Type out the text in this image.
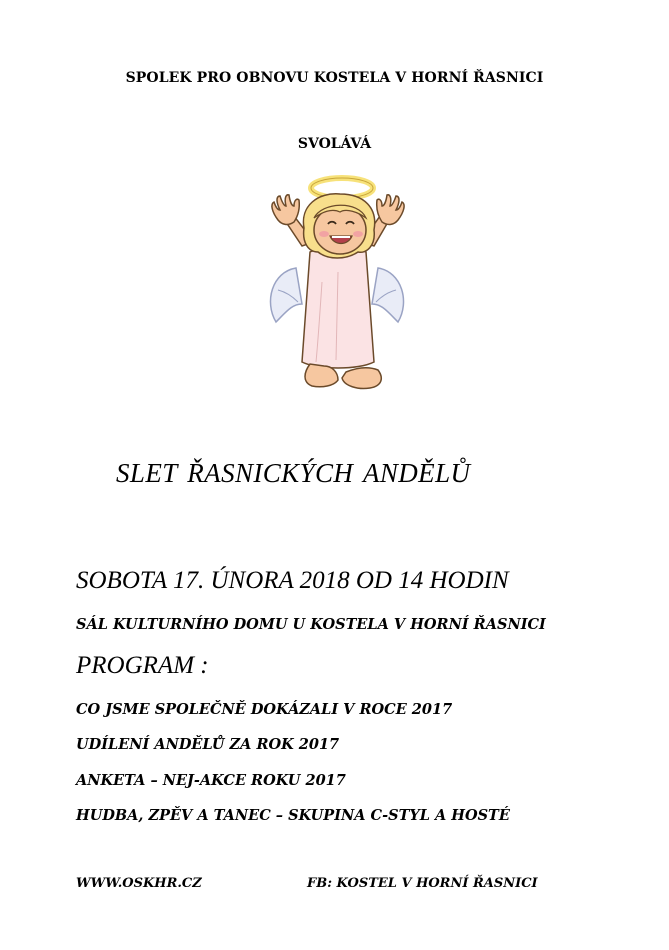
SPOLEK PRO OBNOVU KOSTELA V HORNÍ ŘASNICI
SVOLÁVÁ
SLET ŘASNICKÝCH ANDĚLŮ
SOBOTA 17. ÚNORA 2018 OD 14 HODIN
SÁL KULTURNÍHO DOMU U KOSTELA V HORNÍ ŘASNICI
PROGRAM :
CO JSME SPOLEČNĚ DOKÁZALI V ROCE 2017
UDÍLENÍ ANDĚLŮ ZA ROK 2017
ANKETA – NEJ-AKCE ROKU 2017
HUDBA, ZPĚV A TANEC – SKUPINA C-STYL A HOSTÉ
WWW.OSKHR.CZ	FB: KOSTEL V HORNÍ ŘASNICI
